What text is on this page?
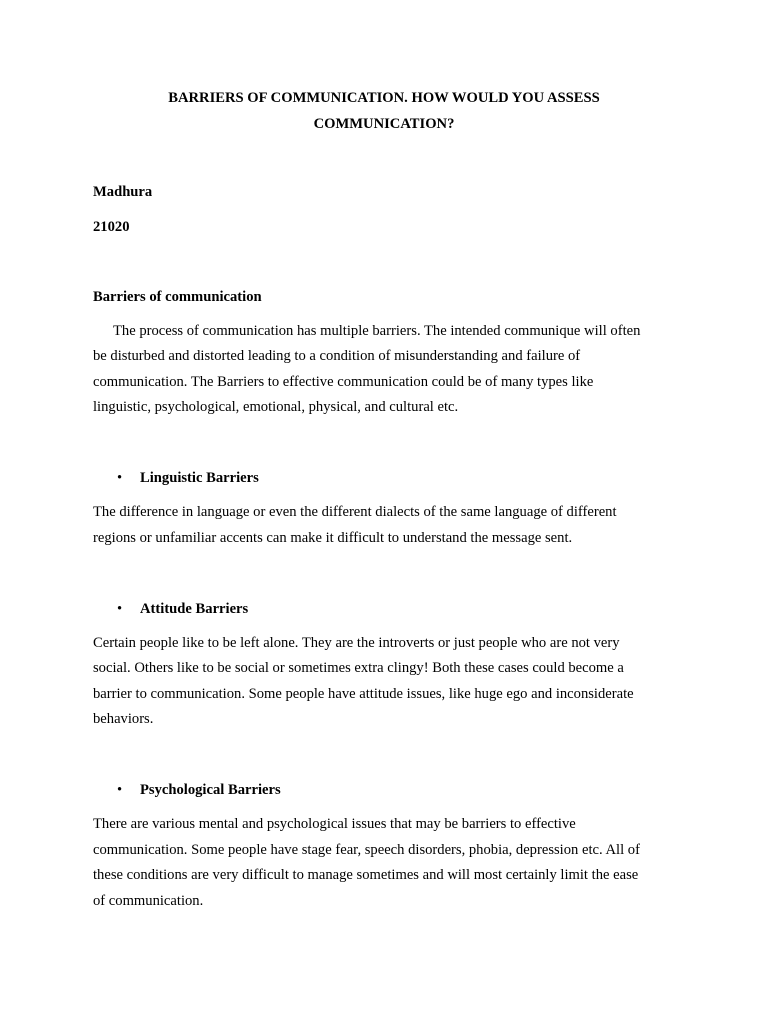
BARRIERS OF COMMUNICATION. HOW WOULD YOU ASSESS
COMMUNICATION?
Madhura
21020
Barriers of communication
The process of communication has multiple barriers. The intended communique will often
be disturbed and distorted leading to a condition of misunderstanding and failure of
communication. The Barriers to effective communication could be of many types like
linguistic, psychological, emotional, physical, and cultural etc.
• Linguistic Barriers
The difference in language or even the different dialects of the same language of different
regions or unfamiliar accents can make it difficult to understand the message sent.
• Attitude Barriers
Certain people like to be left alone. They are the introverts or just people who are not very
social. Others like to be social or sometimes extra clingy! Both these cases could become a
barrier to communication. Some people have attitude issues, like huge ego and inconsiderate
behaviors.
• Psychological Barriers
There are various mental and psychological issues that may be barriers to effective
communication. Some people have stage fear, speech disorders, phobia, depression etc. All of
these conditions are very difficult to manage sometimes and will most certainly limit the ease
of communication.
